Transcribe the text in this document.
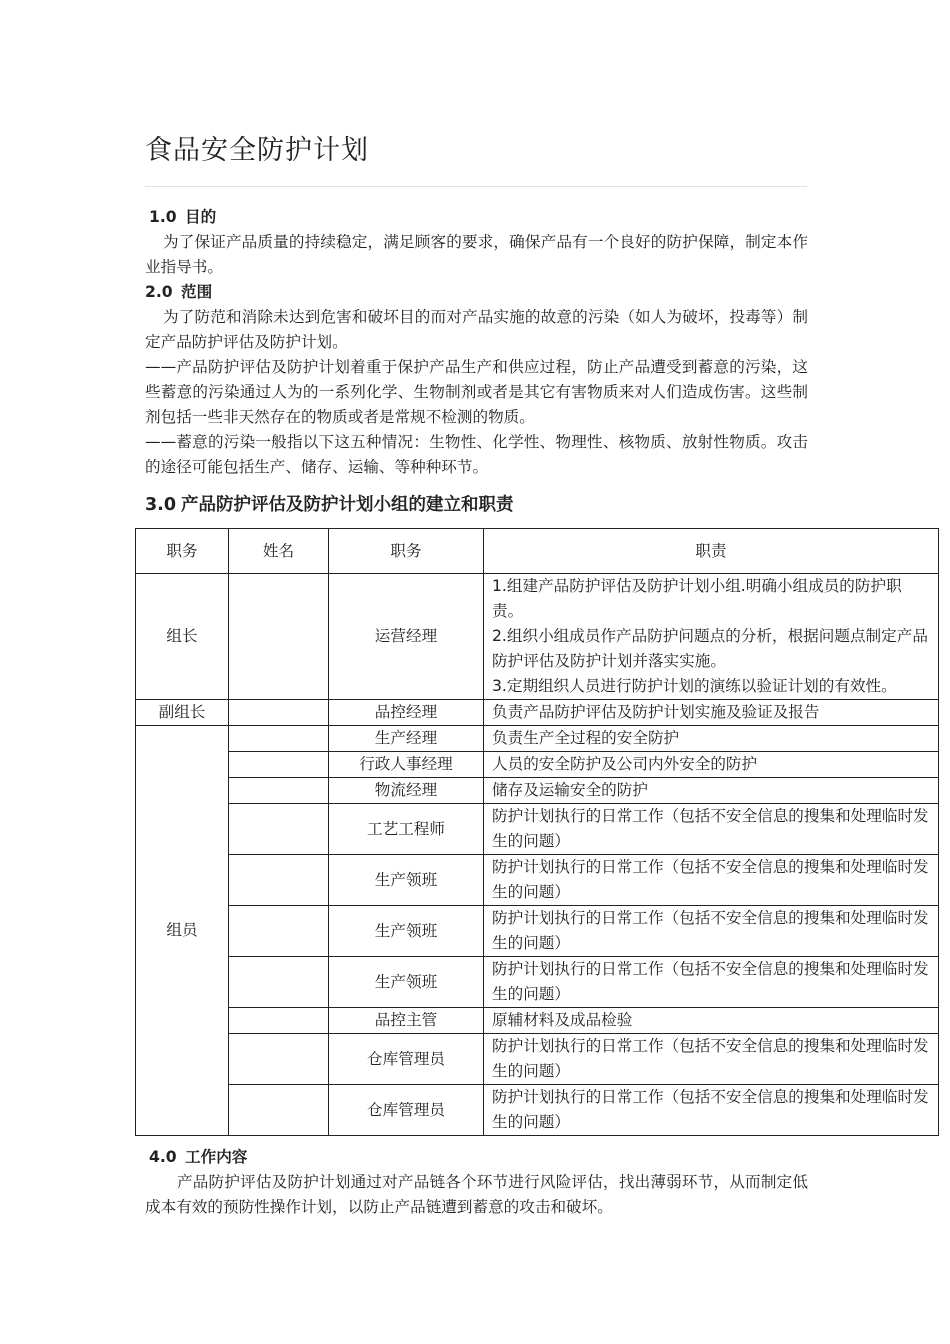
食品安全防护计划

1.0 目的

为了保证产品质量的持续稳定，满足顾客的要求，确保产品有一个良好的防护保障，制定本作业指导书。

2.0 范围

为了防范和消除未达到危害和破坏目的而对产品实施的故意的污染（如人为破坏，投毒等）制定产品防护评估及防护计划。

——产品防护评估及防护计划着重于保护产品生产和供应过程，防止产品遭受到蓄意的污染，这些蓄意的污染通过人为的一系列化学、生物制剂或者是其它有害物质来对人们造成伤害。这些制剂包括一些非天然存在的物质或者是常规不检测的物质。

——蓄意的污染一般指以下这五种情况：生物性、化学性、物理性、核物质、放射性物质。攻击的途径可能包括生产、储存、运输、等种种环节。

3.0 产品防护评估及防护计划小组的建立和职责

职务	姓名	职务	职责
组长		运营经理	1.组建产品防护评估及防护计划小组.明确小组成员的防护职责。
2.组织小组成员作产品防护问题点的分析，根据问题点制定产品防护评估及防护计划并落实实施。
3.定期组织人员进行防护计划的演练以验证计划的有效性。

副组长		品控经理	负责产品防护评估及防护计划实施及验证及报告
组员		生产经理	负责生产全过程的安全防护
		行政人事经理	人员的安全防护及公司内外安全的防护
		物流经理	储存及运输安全的防护
		工艺工程师	防护计划执行的日常工作（包括不安全信息的搜集和处理临时发生的问题）
		生产领班	防护计划执行的日常工作（包括不安全信息的搜集和处理临时发生的问题）
		生产领班	防护计划执行的日常工作（包括不安全信息的搜集和处理临时发生的问题）
		生产领班	防护计划执行的日常工作（包括不安全信息的搜集和处理临时发生的问题）
		品控主管	原辅材料及成品检验
		仓库管理员	防护计划执行的日常工作（包括不安全信息的搜集和处理临时发生的问题）
		仓库管理员	防护计划执行的日常工作（包括不安全信息的搜集和处理临时发生的问题）

4.0 工作内容

产品防护评估及防护计划通过对产品链各个环节进行风险评估，找出薄弱环节，从而制定低成本有效的预防性操作计划，以防止产品链遭到蓄意的攻击和破坏。
